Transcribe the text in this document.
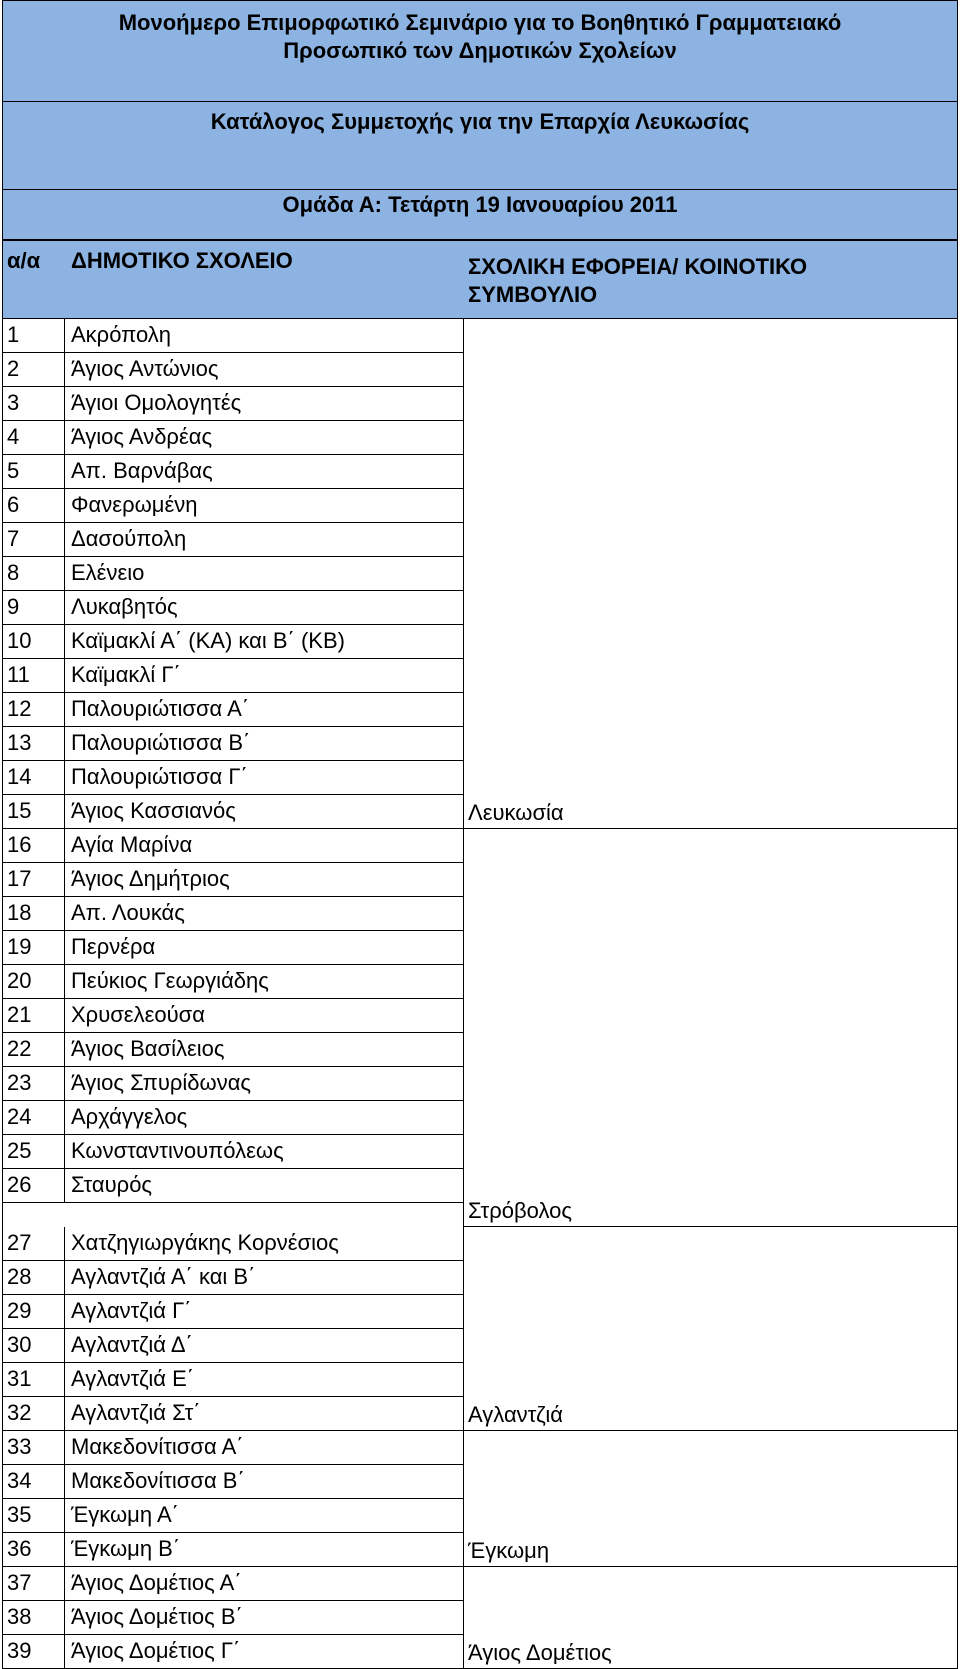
Μονοήμερο Επιμορφωτικό Σεμινάριο για το Βοηθητικό Γραμματειακό
Προσωπικό των Δημοτικών Σχολείων
Κατάλογος Συμμετοχής για την Επαρχία Λευκωσίας
Ομάδα Α: Τετάρτη 19 Ιανουαρίου 2011
α/α ΔΗΜΟΤΙΚΟ ΣΧΟΛΕΙΟ	ΣΧΟΛΙΚΗ ΕΦΟΡΕΙΑ/ ΚΟΙΝΟΤΙΚΟ
ΣΥΜΒΟΥΛΙΟ
1 Ακρόπολη
2 Άγιος Αντώνιος
3 Άγιοι Ομολογητές
4 Άγιος Ανδρέας
5 Απ. Βαρνάβας
6 Φανερωμένη
7 Δασούπολη
8 Ελένειο
9 Λυκαβητός
10 Καϊμακλί Α΄ (ΚΑ) και Β΄ (ΚΒ)
11 Καϊμακλί Γ΄
12 Παλουριώτισσα Α΄
13 Παλουριώτισσα Β΄
14 Παλουριώτισσα Γ΄
15 Άγιος Κασσιανός
16 Αγία Μαρίνα
17 Άγιος Δημήτριος
18 Απ. Λουκάς
19 Περνέρα
20 Πεύκιος Γεωργιάδης
21 Χρυσελεούσα
22 Άγιος Βασίλειος
23 Άγιος Σπυρίδωνας
24 Αρχάγγελος
25 Κωνσταντινουπόλεως
26 Σταυρός
27 Χατζηγιωργάκης Κορνέσιος
28 Αγλαντζιά Α΄ και Β΄
29 Αγλαντζιά Γ΄
30 Αγλαντζιά Δ΄
31 Αγλαντζιά Ε΄
32 Αγλαντζιά Στ΄
33 Μακεδονίτισσα Α΄
34 Μακεδονίτισσα Β΄
35 Έγκωμη Α΄
36 Έγκωμη Β΄
37 Άγιος Δομέτιος Α΄
38 Άγιος Δομέτιος Β΄
39 Άγιος Δομέτιος Γ΄
Λευκωσία
Στρόβολος
Αγλαντζιά
Έγκωμη
Άγιος Δομέτιος
